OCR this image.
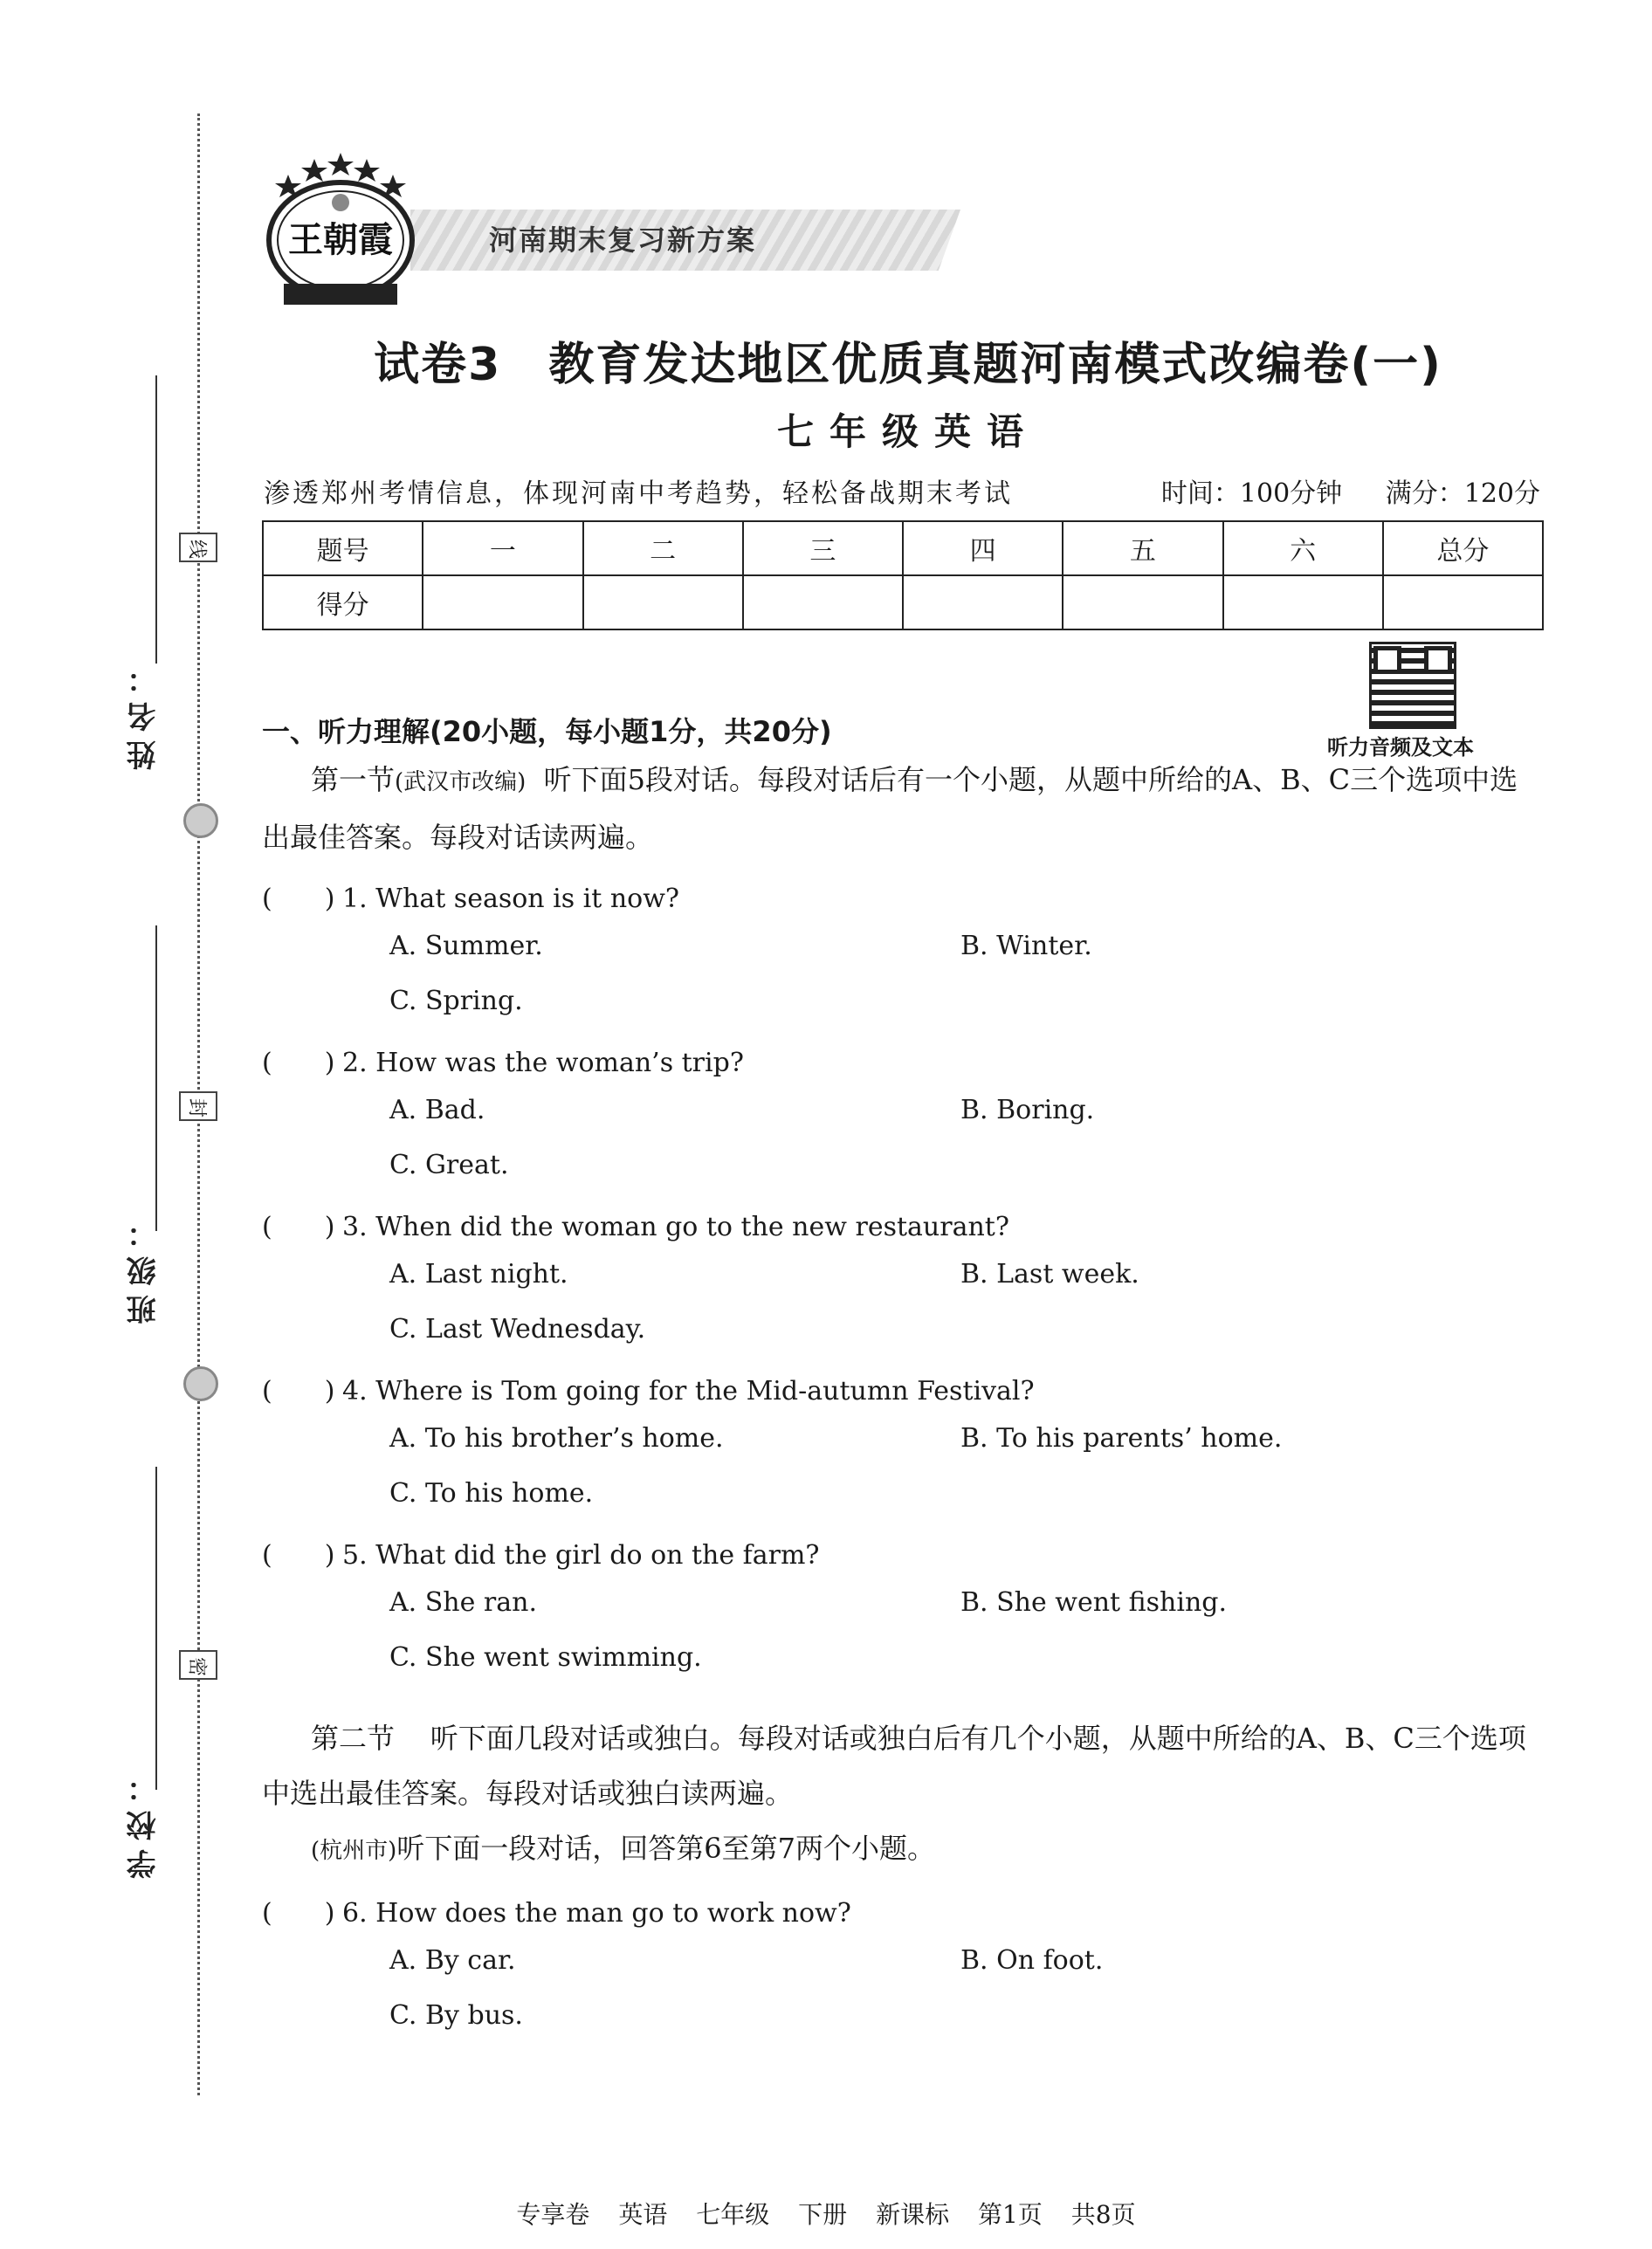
姓名：
班级：
学校：
线
封
密
王朝霞	河南期末复习新方案
试卷3　教育发达地区优质真题河南模式改编卷(一)
七年级英语
渗透郑州考情信息，体现河南中考趋势，轻松备战期末考试	时间：100分钟 满分：120分
题号	一	二	三	四	五	六	总分
得分							
听力音频及文本
一、听力理解(20小题，每小题1分，共20分)
第一节(武汉市改编) 听下面5段对话。每段对话后有一个小题，从题中所给的A、B、C三个选项中选出最佳答案。每段对话读两遍。
(　　) 1. What season is it now?
A. Summer.	B. Winter.
C. Spring.
(　　) 2. How was the woman’s trip?
A. Bad.	B. Boring.
C. Great.
(　　) 3. When did the woman go to the new restaurant?
A. Last night.	B. Last week.
C. Last Wednesday.
(　　) 4. Where is Tom going for the Mid-autumn Festival?
A. To his brother’s home.	B. To his parents’ home.
C. To his home.
(　　) 5. What did the girl do on the farm?
A. She ran.	B. She went fishing.
C. She went swimming.
第二节 听下面几段对话或独白。每段对话或独白后有几个小题，从题中所给的A、B、C三个选项中选出最佳答案。每段对话或独白读两遍。
(杭州市)听下面一段对话，回答第6至第7两个小题。
(　　) 6. How does the man go to work now?
A. By car.	B. On foot.
C. By bus.
专享卷 英语 七年级 下册 新课标 第1页 共8页
